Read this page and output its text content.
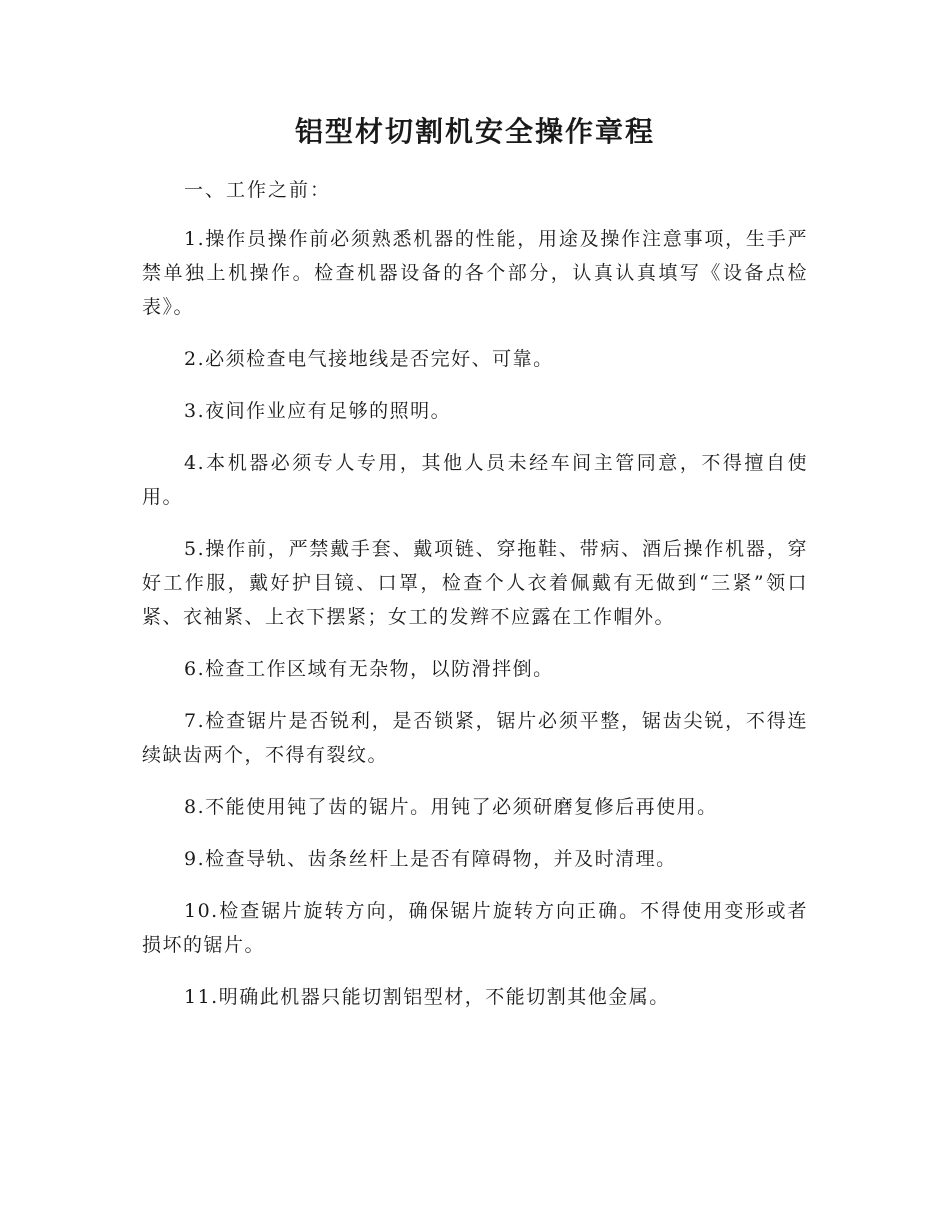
铝型材切割机安全操作章程

一、工作之前：

1.操作员操作前必须熟悉机器的性能，用途及操作注意事项，生手严禁单独上机操作。检查机器设备的各个部分，认真认真填写《设备点检表》。

2.必须检查电气接地线是否完好、可靠。

3.夜间作业应有足够的照明。

4.本机器必须专人专用，其他人员未经车间主管同意，不得擅自使用。

5.操作前，严禁戴手套、戴项链、穿拖鞋、带病、酒后操作机器，穿好工作服，戴好护目镜、口罩，检查个人衣着佩戴有无做到“三紧”领口紧、衣袖紧、上衣下摆紧；女工的发辫不应露在工作帽外。

6.检查工作区域有无杂物，以防滑拌倒。

7.检查锯片是否锐利，是否锁紧，锯片必须平整，锯齿尖锐，不得连续缺齿两个，不得有裂纹。

8.不能使用钝了齿的锯片。用钝了必须研磨复修后再使用。

9.检查导轨、齿条丝杆上是否有障碍物，并及时清理。

10.检查锯片旋转方向，确保锯片旋转方向正确。不得使用变形或者损坏的锯片。

11.明确此机器只能切割铝型材，不能切割其他金属。
